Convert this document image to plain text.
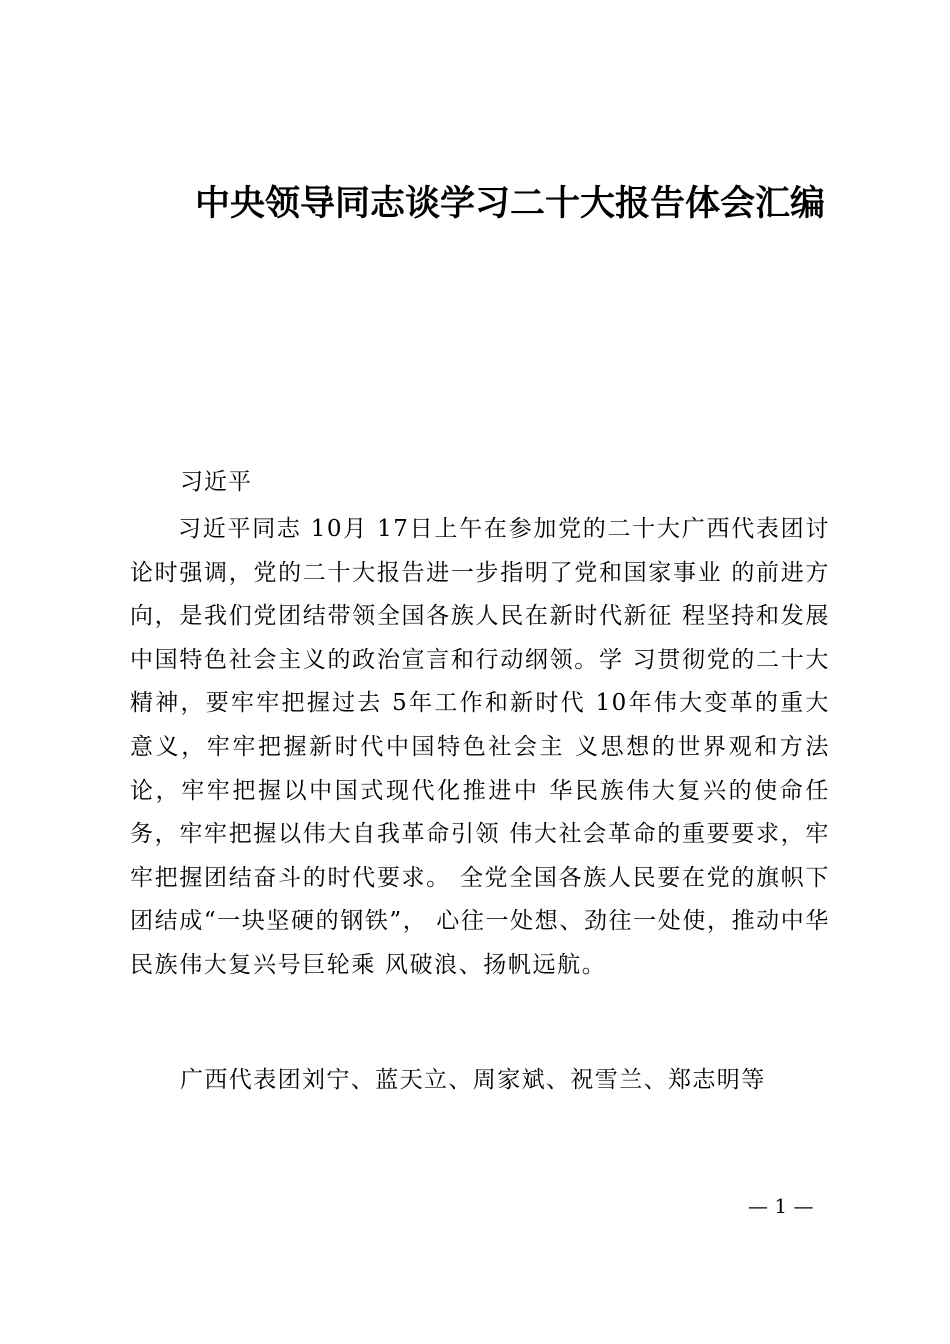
中央领导同志谈学习二十大报告体会汇编
习近平

习近平同志 10月 17日上午在参加党的二十大广西代表团讨论时强调，党的二十大报告进一步指明了党和国家事业 的前进方向，是我们党团结带领全国各族人民在新时代新征 程坚持和发展中国特色社会主义的政治宣言和行动纲领。学 习贯彻党的二十大精神，要牢牢把握过去 5年工作和新时代 10年伟大变革的重大意义，牢牢把握新时代中国特色社会主 义思想的世界观和方法论，牢牢把握以中国式现代化推进中 华民族伟大复兴的使命任务，牢牢把握以伟大自我革命引领 伟大社会革命的重要要求，牢牢把握团结奋斗的时代要求。 全党全国各族人民要在党的旗帜下团结成“一块坚硬的钢铁”， 心往一处想、劲往一处使，推动中华民族伟大复兴号巨轮乘 风破浪、扬帆远航。

广西代表团刘宁、蓝天立、周家斌、祝雪兰、郑志明等
— 1 —
